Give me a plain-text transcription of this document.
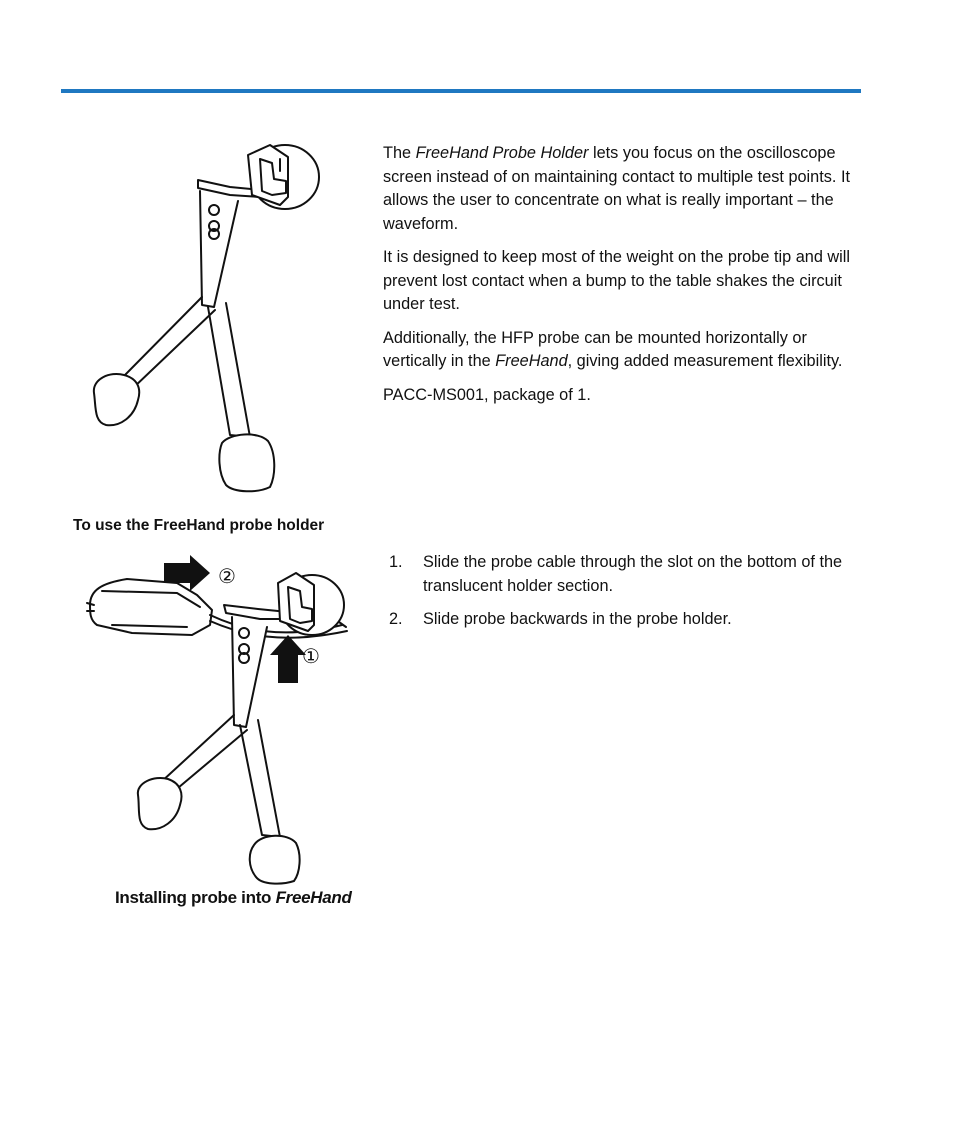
The FreeHand Probe Holder lets you focus on the oscilloscope screen instead of on maintaining contact to multiple test points. It allows the user to concentrate on what is really important – the waveform.

It is designed to keep most of the weight on the probe tip and will prevent lost contact when a bump to the table shakes the circuit under test.

Additionally, the HFP probe can be mounted horizontally or vertically in the FreeHand, giving added measurement flexibility.

PACC-MS001, package of 1.

To use the FreeHand probe holder
②
①
1. Slide the probe cable through the slot on the bottom of the translucent holder section.
2. Slide probe backwards in the probe holder.

Installing probe into FreeHand
